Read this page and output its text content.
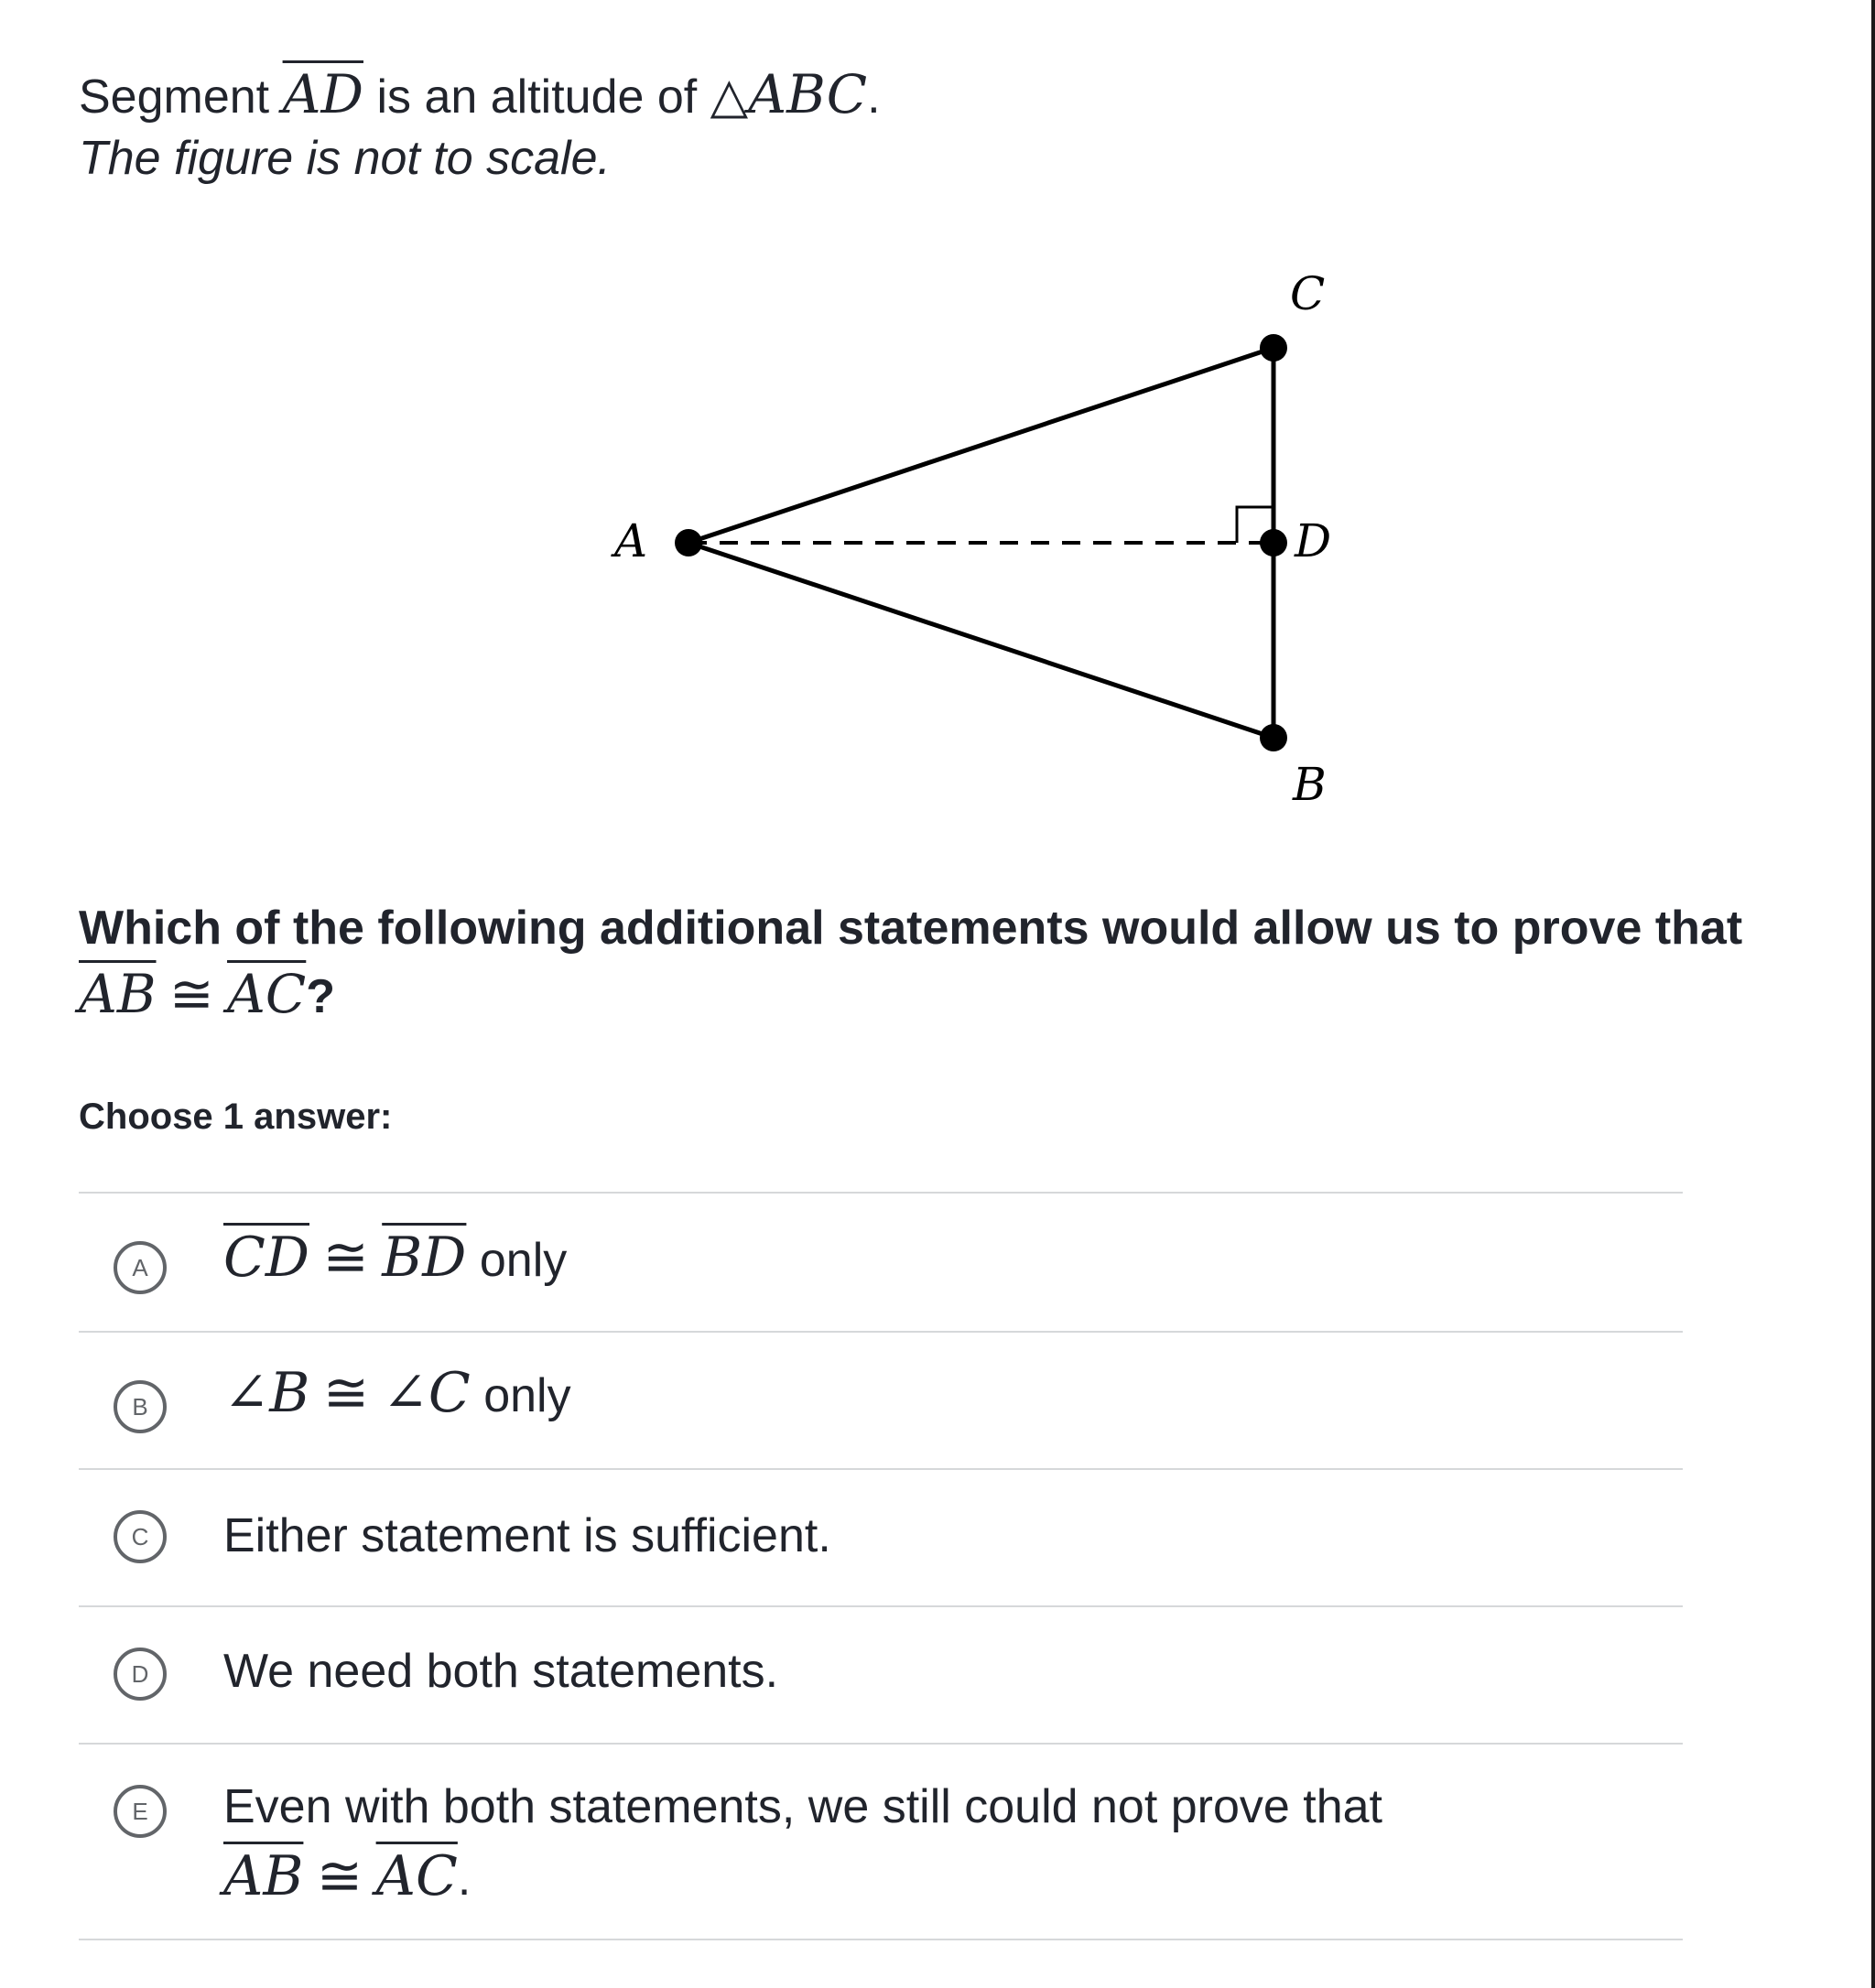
Segment $\overline{AD}$ is an altitude of △ABC.
The figure is not to scale.
A
C
D
B
Which of the following additional statements would allow us to prove that
$\overline{AB}$ ≅ $\overline{AC}$?
Choose 1 answer:
A	$\overline{CD}$ ≅ $\overline{BD}$ only
B	∠B ≅ ∠C only
C	Either statement is sufficient.
D	We need both statements.
E	Even with both statements, we still could not prove that
$\overline{AB}$ ≅ $\overline{AC}$.
